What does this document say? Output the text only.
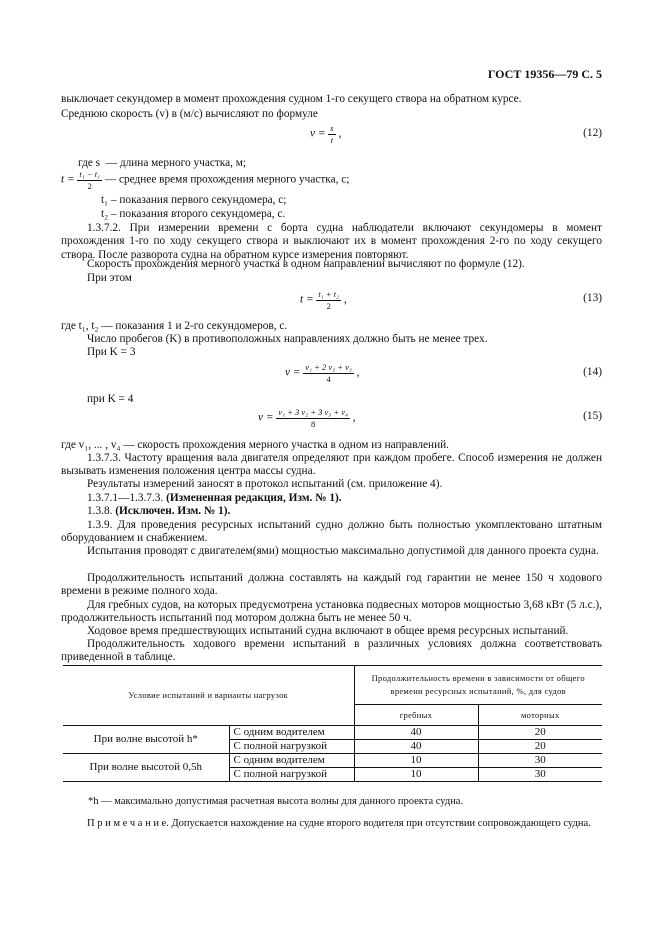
ГОСТ 19356—79 С. 5
выключает секундомер в момент прохождения судном 1-го секущего створа на обратном курсе.
Среднюю скорость (v) в (м/с) вычисляют по формуле
$v = \frac{s}{t}$ ,	(12)
где s — длина мерного участка, м;
$t = \frac{\text{t₁ − t₁}}{2}$ — среднее время прохождения мерного участка, с;
t₁ – показания первого секундомера, с;
t₂ – показания второго секундомера, с.
1.3.7.2. При измерении времени с борта судна наблюдатели включают секундомеры в момент прохождения 1-го по ходу секущего створа и выключают их в момент прохождения 2-го по ходу секущего створа. После разворота судна на обратном курсе измерения повторяют.
Скорость прохождения мерного участка в одном направлении вычисляют по формуле (12).
При этом
$t = \frac{\text{t₁ + t₂}}{2}$ ,	(13)
где t₁, t₂ — показания 1 и 2-го секундомеров, с.
Число пробегов (K) в противоположных направлениях должно быть не менее трех.
При K = 3
$v = \frac{\text{v₁ + 2 v₂ + v₃}}{4}$ ,	(14)
при K = 4
$v = \frac{\text{v₁ + 3 v₂ + 3 v₃ + v₄}}{8}$ ,	(15)
где v₁, ... , v₄ — скорость прохождения мерного участка в одном из направлений.
1.3.7.3. Частоту вращения вала двигателя определяют при каждом пробеге. Способ измерения не должен вызывать изменения положения центра массы судна.
Результаты измерений заносят в протокол испытаний (см. приложение 4).
1.3.7.1—1.3.7.3. (Измененная редакция, Изм. № 1).
1.3.8. (Исключен. Изм. № 1).
1.3.9. Для проведения ресурсных испытаний судно должно быть полностью укомплектовано штатным оборудованием и снабжением.
Испытания проводят с двигателем(ями) мощностью максимально допустимой для данного проекта судна.
Продолжительность испытаний должна составлять на каждый год гарантии не менее 150 ч ходового времени в режиме полного хода.
Для гребных судов, на которых предусмотрена установка подвесных моторов мощностью 3,68 кВт (5 л.с.), продолжительность испытаний под мотором должна быть не менее 50 ч.
Ходовое время предшествующих испытаний судна включают в общее время ресурсных испытаний.
Продолжительность ходового времени испытаний в различных условиях должна соответствовать приведенной в таблице.
Условие испытаний и варианты нагрузок		Продолжительность времени в зависимости от общего времени ресурсных испытаний, %, для судов	
		гребных	моторных
При волне высотой h*	С одним водителем	40	20
	С полной нагрузкой	40	20
При волне высотой 0,5h	С одним водителем	10	30
	С полной нагрузкой	10	30
*h — максимально допустимая расчетная высота волны для данного проекта судна.
П р и м е ч а н и е. Допускается нахождение на судне второго водителя при отсутствии сопровождающего судна.
